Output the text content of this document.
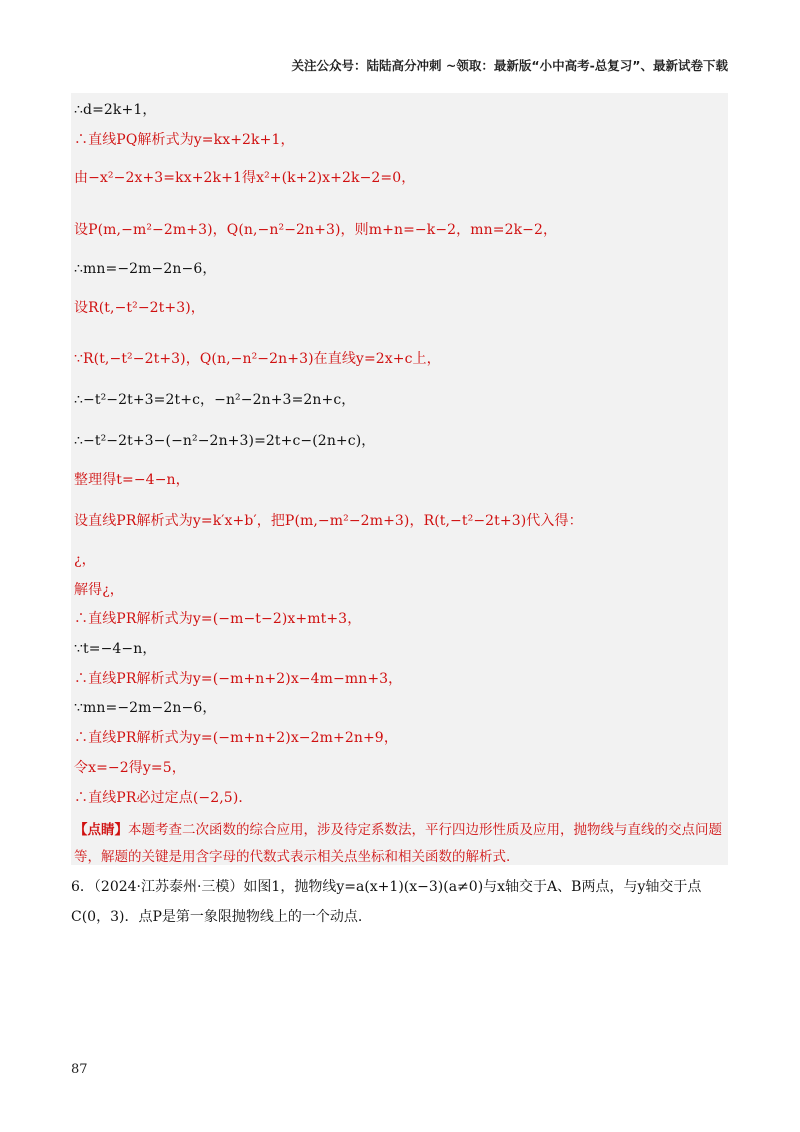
关注公众号：陆陆高分冲刺 ~领取：最新版“小中高考-总复习”、最新试卷下载
∴d=2k+1，
∴直线PQ解析式为y=kx+2k+1，
由−x²−2x+3=kx+2k+1得x²+(k+2)x+2k−2=0，
设P(m,−m²−2m+3)，Q(n,−n²−2n+3)，则m+n=−k−2，mn=2k−2，
∴mn=−2m−2n−6，
设R(t,−t²−2t+3)，
∵R(t,−t²−2t+3)，Q(n,−n²−2n+3)在直线y=2x+c上，
∴−t²−2t+3=2t+c，−n²−2n+3=2n+c，
∴−t²−2t+3−(−n²−2n+3)=2t+c−(2n+c)，
整理得t=−4−n，
设直线PR解析式为y=k′x+b′，把P(m,−m²−2m+3)，R(t,−t²−2t+3)代入得：
¿，
解得¿，
∴直线PR解析式为y=(−m−t−2)x+mt+3，
∵t=−4−n，
∴直线PR解析式为y=(−m+n+2)x−4m−mn+3，
∵mn=−2m−2n−6，
∴直线PR解析式为y=(−m+n+2)x−2m+2n+9，
令x=−2得y=5，
∴直线PR必过定点(−2,5)．
【点睛】本题考查二次函数的综合应用，涉及待定系数法，平行四边形性质及应用，抛物线与直线的交点问题等，解题的关键是用含字母的代数式表示相关点坐标和相关函数的解析式.
6．（2024·江苏泰州·三模）如图1，抛物线y=a(x+1)(x−3)(a≠0)与x轴交于A、B两点，与y轴交于点
C(0，3)．点P是第一象限抛物线上的一个动点.
87
